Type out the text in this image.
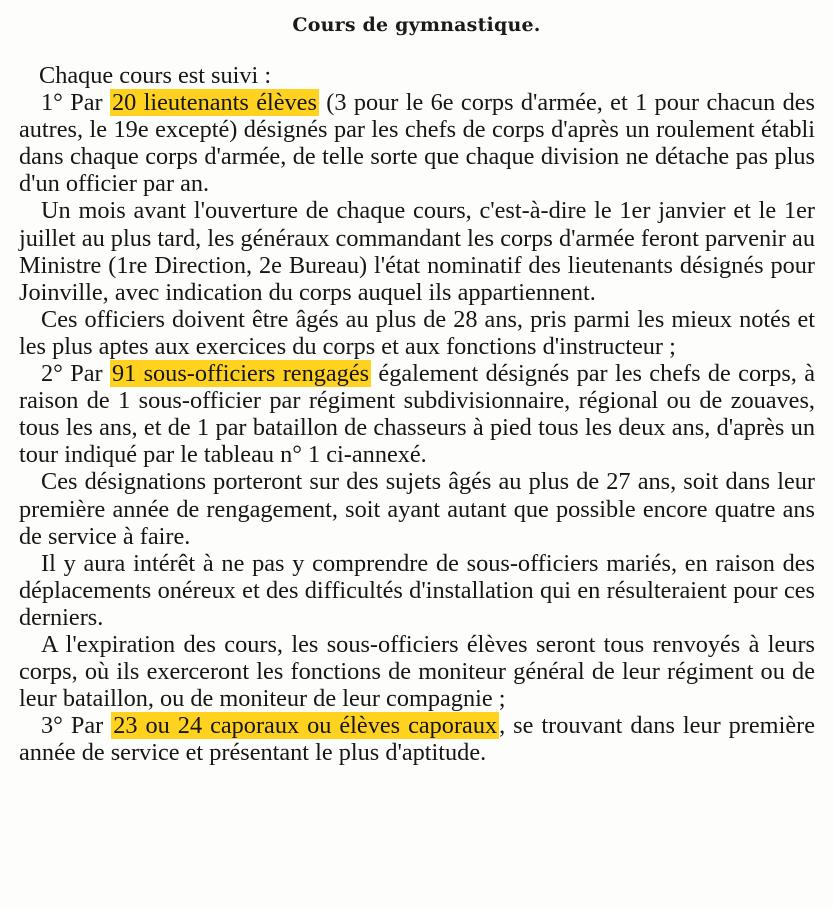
Cours de gymnastique.

Chaque cours est suivi :

1° Par 20 lieutenants élèves (3 pour le 6e corps d'armée, et 1 pour chacun des autres, le 19e excepté) désignés par les chefs de corps d'après un roulement établi dans chaque corps d'armée, de telle sorte que chaque division ne détache pas plus d'un officier par an.

Un mois avant l'ouverture de chaque cours, c'est-à-dire le 1er janvier et le 1er juillet au plus tard, les généraux commandant les corps d'armée feront parvenir au Ministre (1re Direction, 2e Bureau) l'état nominatif des lieutenants désignés pour Joinville, avec indication du corps auquel ils appartiennent.

Ces officiers doivent être âgés au plus de 28 ans, pris parmi les mieux notés et les plus aptes aux exercices du corps et aux fonctions d'instructeur ;

2° Par 91 sous-officiers rengagés également désignés par les chefs de corps, à raison de 1 sous-officier par régiment subdivisionnaire, régional ou de zouaves, tous les ans, et de 1 par bataillon de chasseurs à pied tous les deux ans, d'après un tour indiqué par le tableau n° 1 ci-annexé.

Ces désignations porteront sur des sujets âgés au plus de 27 ans, soit dans leur première année de rengagement, soit ayant autant que possible encore quatre ans de service à faire.

Il y aura intérêt à ne pas y comprendre de sous-officiers mariés, en raison des déplacements onéreux et des difficultés d'installation qui en résulteraient pour ces derniers.

A l'expiration des cours, les sous-officiers élèves seront tous renvoyés à leurs corps, où ils exerceront les fonctions de moniteur général de leur régiment ou de leur bataillon, ou de moniteur de leur compagnie ;

3° Par 23 ou 24 caporaux ou élèves caporaux, se trouvant dans leur première année de service et présentant le plus d'aptitude.
